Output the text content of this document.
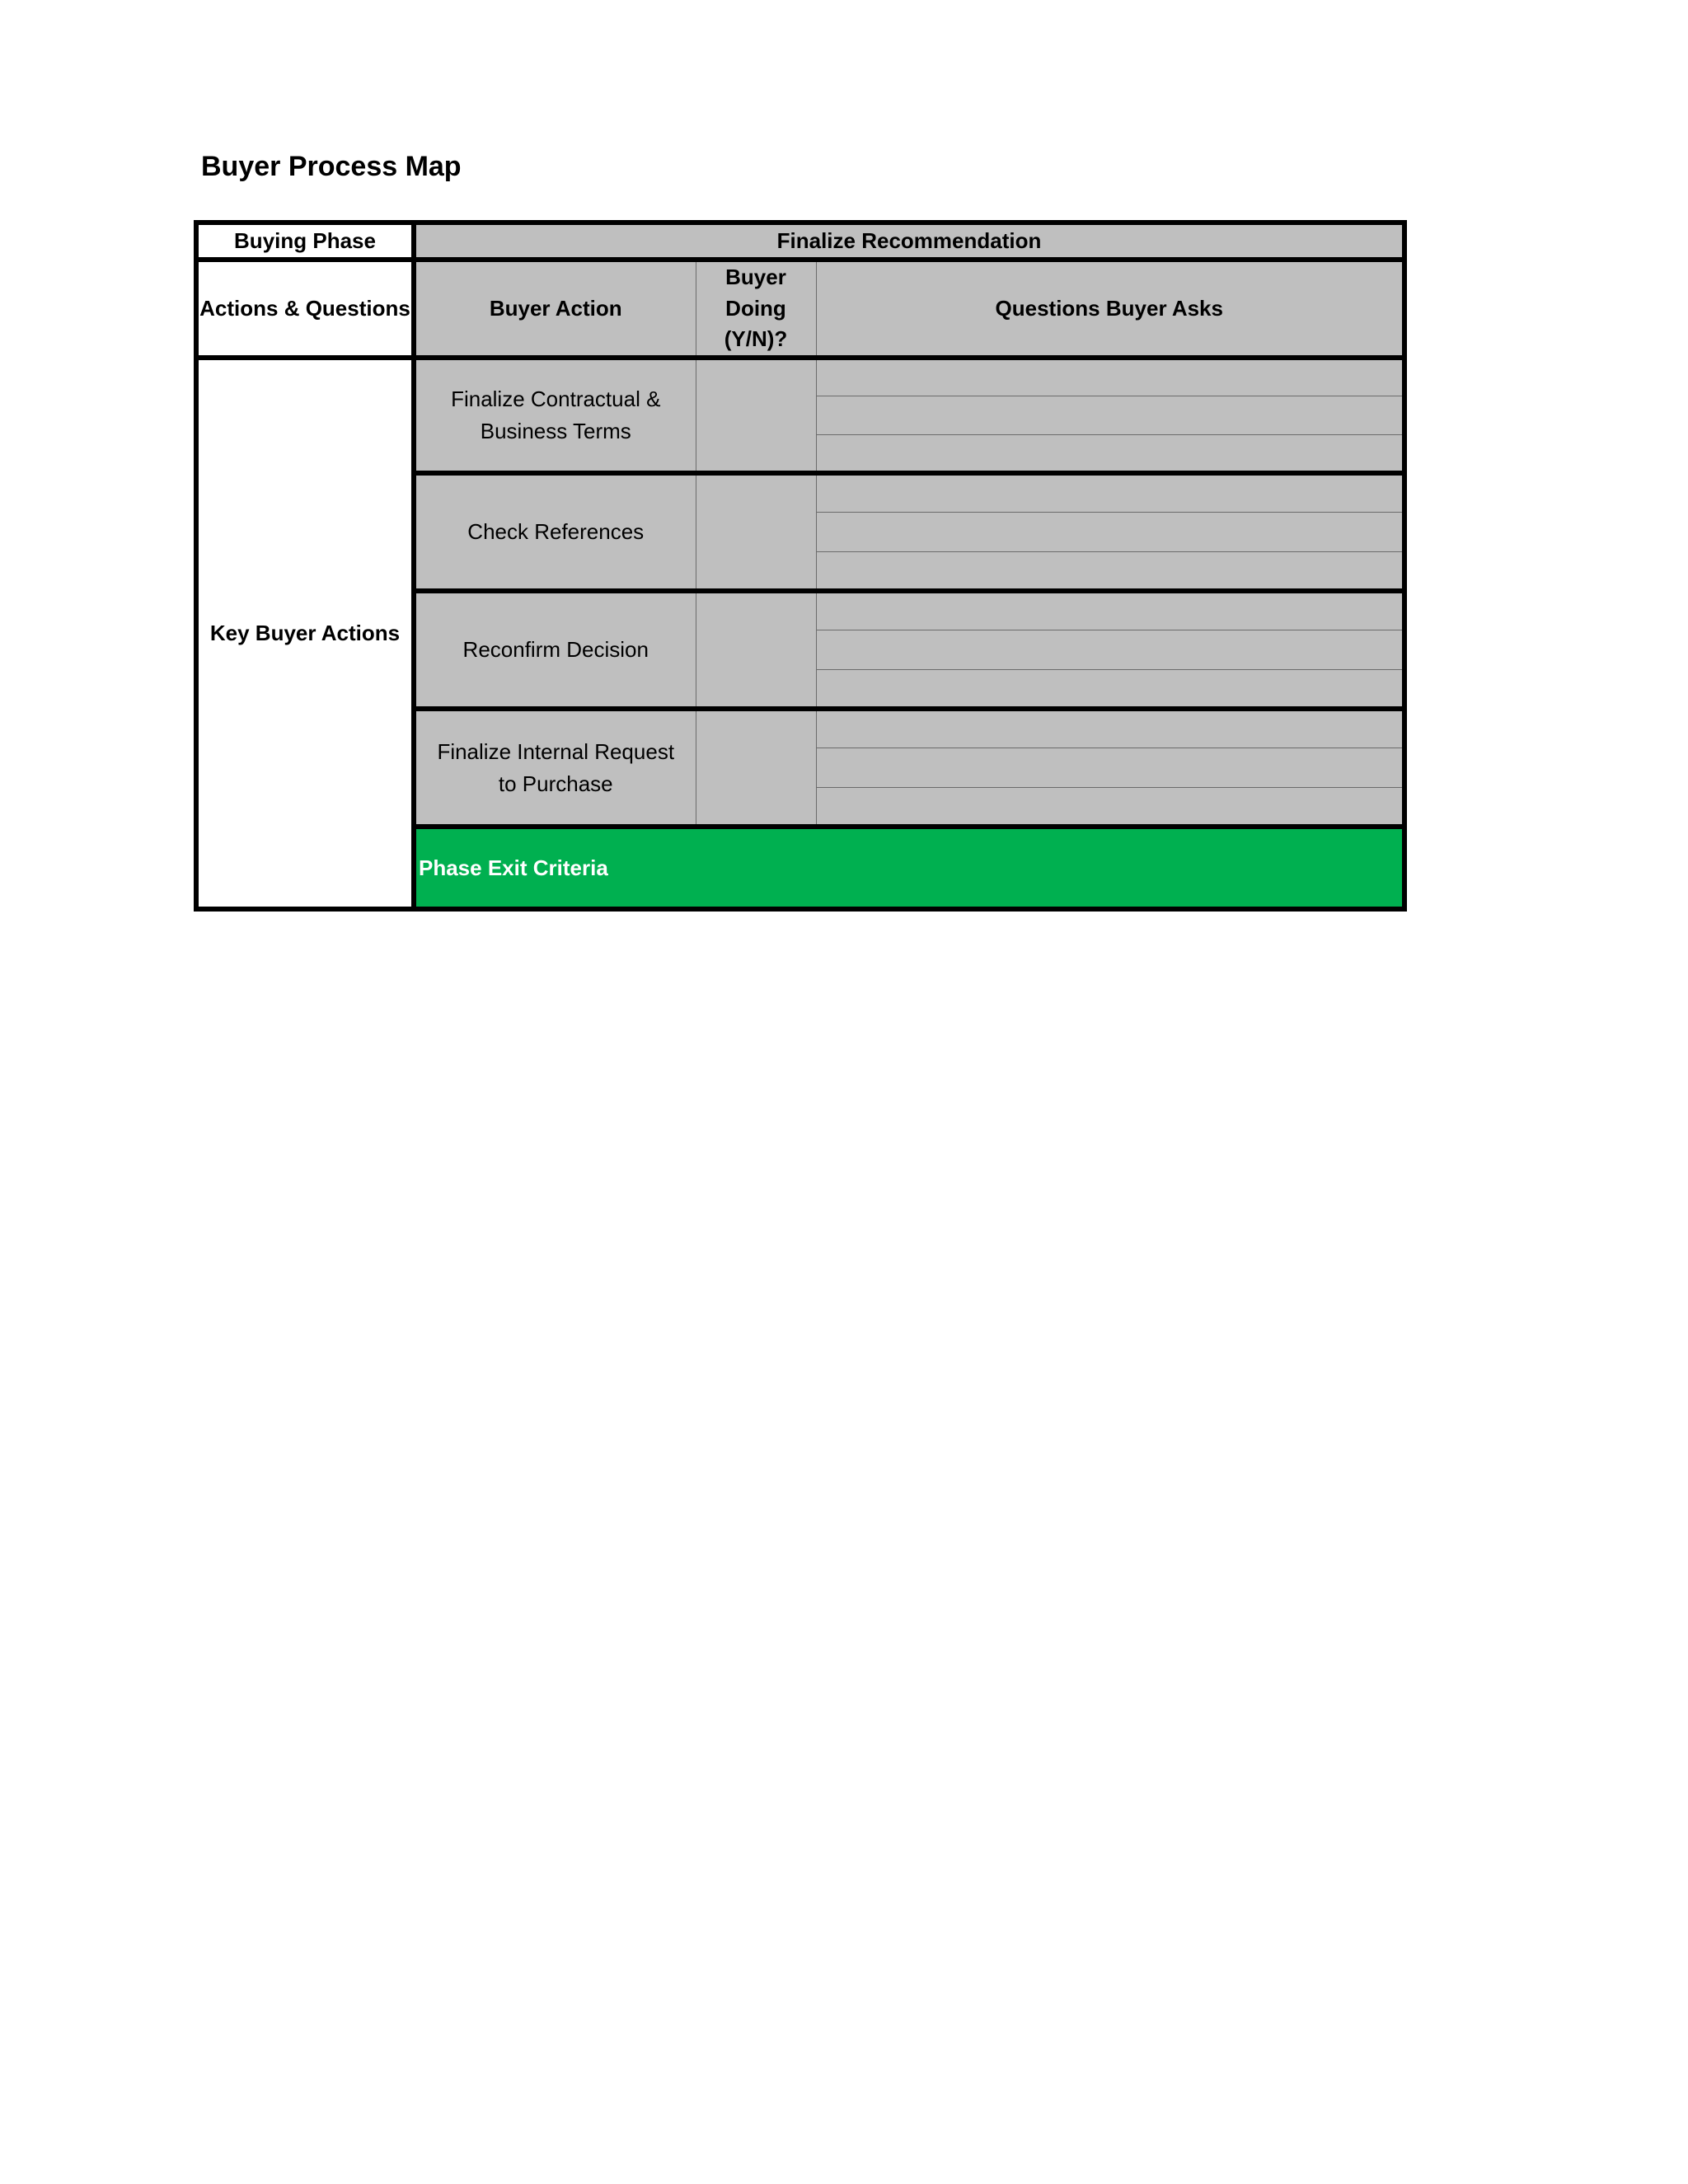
Buyer Process Map
Buying Phase	Finalize Recommendation		
Actions & Questions	Buyer Action	Buyer Doing (Y/N)?	Questions Buyer Asks
Key Buyer Actions	Finalize Contractual & Business Terms		

	Check References		

	Reconfirm Decision		

	Finalize Internal Request to Purchase		

	Phase Exit Criteria		
